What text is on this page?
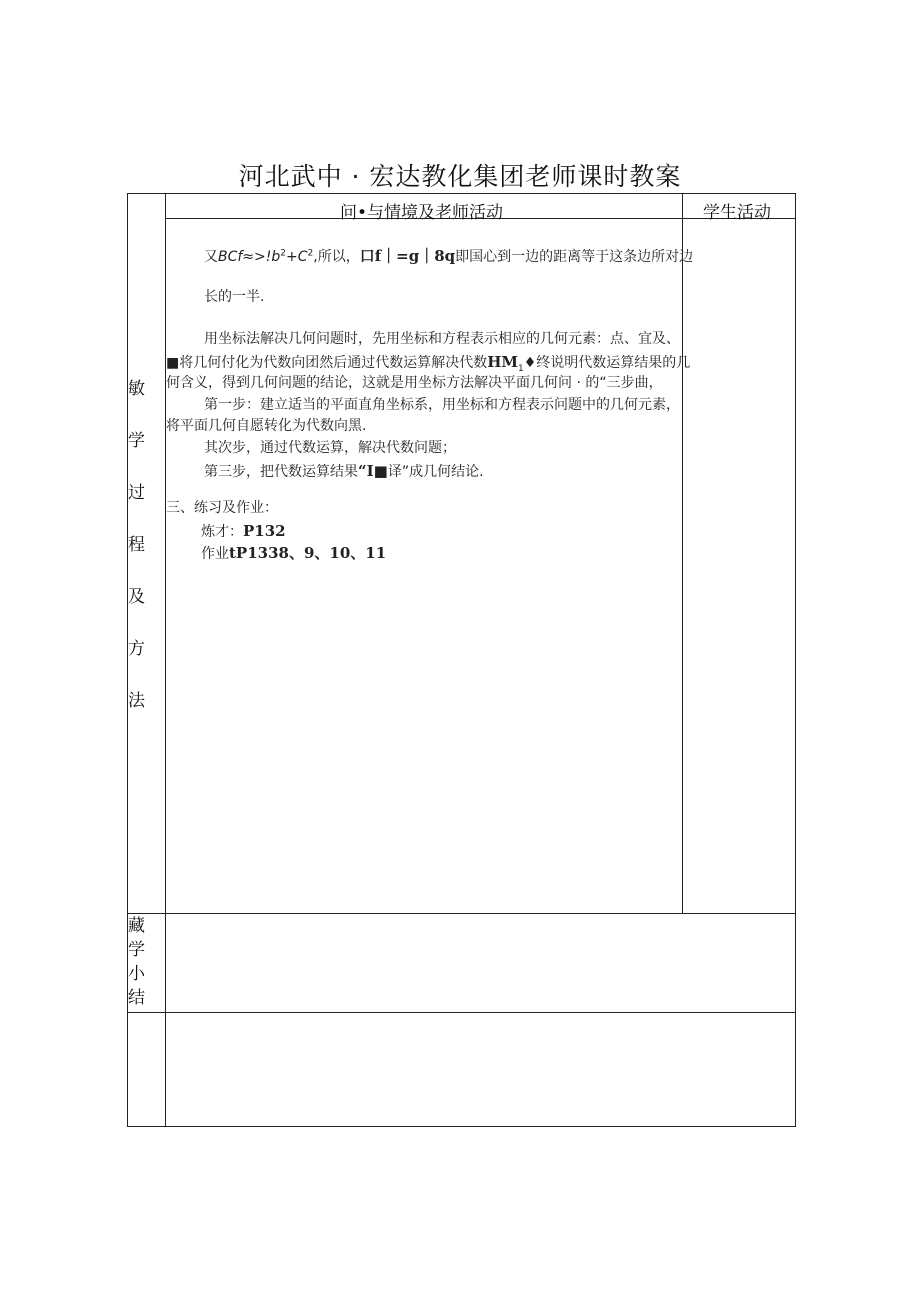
河北武中 · 宏达教化集团老师课时教案
问•与情境及老师活动	学生活动
敏
学
过
程
及
方
法
藏
学
小
结
又$BCf\approx>!b^2+C^2$,所以，口f｜=g｜8q即国心到一边的距离等于这条边所对边
长的一半.
用坐标法解决几何问题时，先用坐标和方程表示相应的几何元素：点、宜及、
■将几何付化为代数向团然后通过代数运算解决代数$HM_1♦$终说明代数运算结果的几
何含义，得到几何问题的结论，这就是用坐标方法解决平面几何问 · 的“三步曲，
第一步：建立适当的平面直角坐标系，用坐标和方程表示问题中的几何元素，
将平面几何自愿转化为代数向黑.
其次步，通过代数运算，解决代数问题；
第三步，把代数运算结果“I■译”成几何结论.
三、练习及作业：
炼才：P132
作业tP1338、9、10、11
